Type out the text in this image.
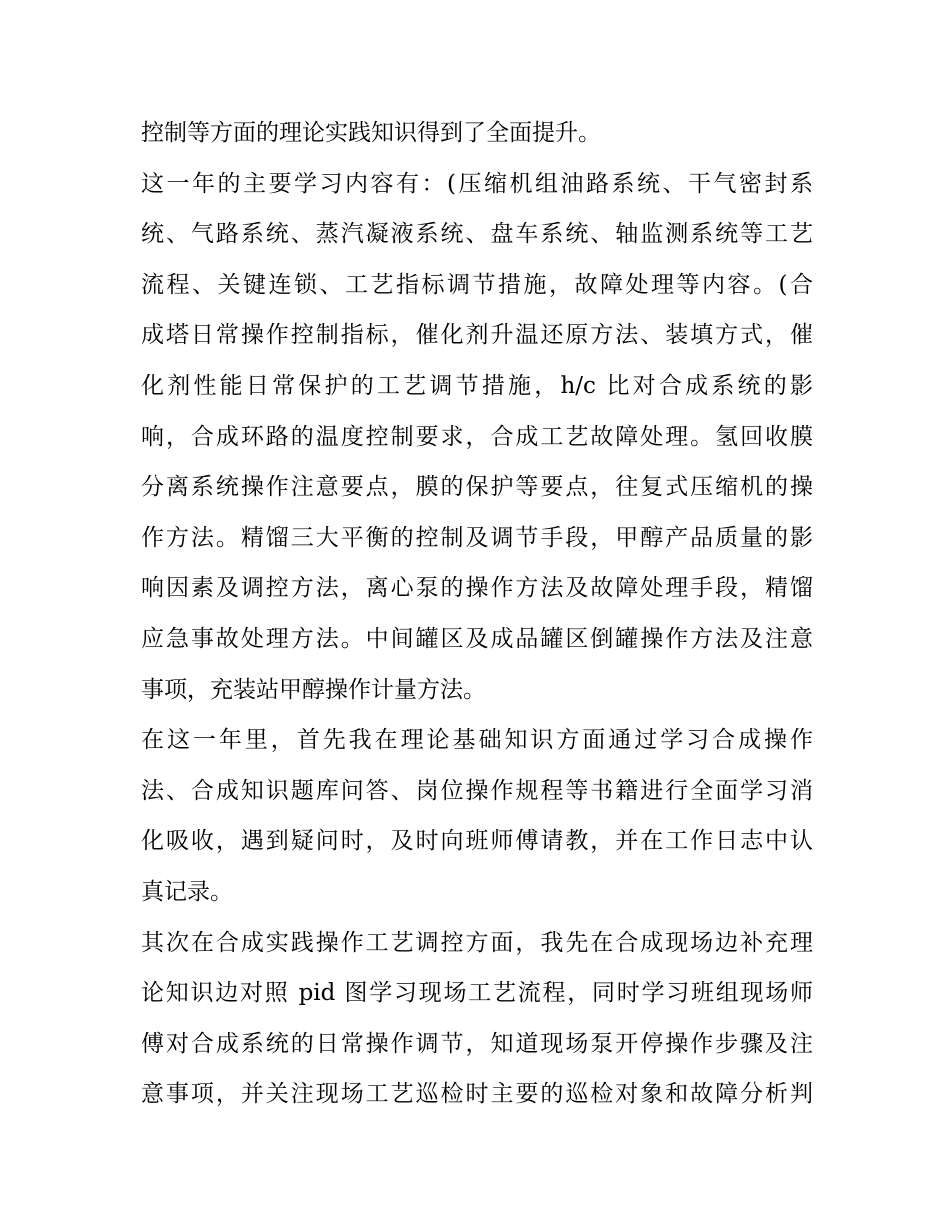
控制等方面的理论实践知识得到了全面提升。
这一年的主要学习内容有：(压缩机组油路系统、干气密封系
统、气路系统、蒸汽凝液系统、盘车系统、轴监测系统等工艺
流程、关键连锁、工艺指标调节措施，故障处理等内容。(合
成塔日常操作控制指标，催化剂升温还原方法、装填方式，催
化剂性能日常保护的工艺调节措施，h/c 比对合成系统的影
响，合成环路的温度控制要求，合成工艺故障处理。氢回收膜
分离系统操作注意要点，膜的保护等要点，往复式压缩机的操
作方法。精馏三大平衡的控制及调节手段，甲醇产品质量的影
响因素及调控方法，离心泵的操作方法及故障处理手段，精馏
应急事故处理方法。中间罐区及成品罐区倒罐操作方法及注意
事项，充装站甲醇操作计量方法。
在这一年里，首先我在理论基础知识方面通过学习合成操作
法、合成知识题库问答、岗位操作规程等书籍进行全面学习消
化吸收，遇到疑问时，及时向班师傅请教，并在工作日志中认
真记录。
其次在合成实践操作工艺调控方面，我先在合成现场边补充理
论知识边对照 pid 图学习现场工艺流程，同时学习班组现场师
傅对合成系统的日常操作调节，知道现场泵开停操作步骤及注
意事项，并关注现场工艺巡检时主要的巡检对象和故障分析判
